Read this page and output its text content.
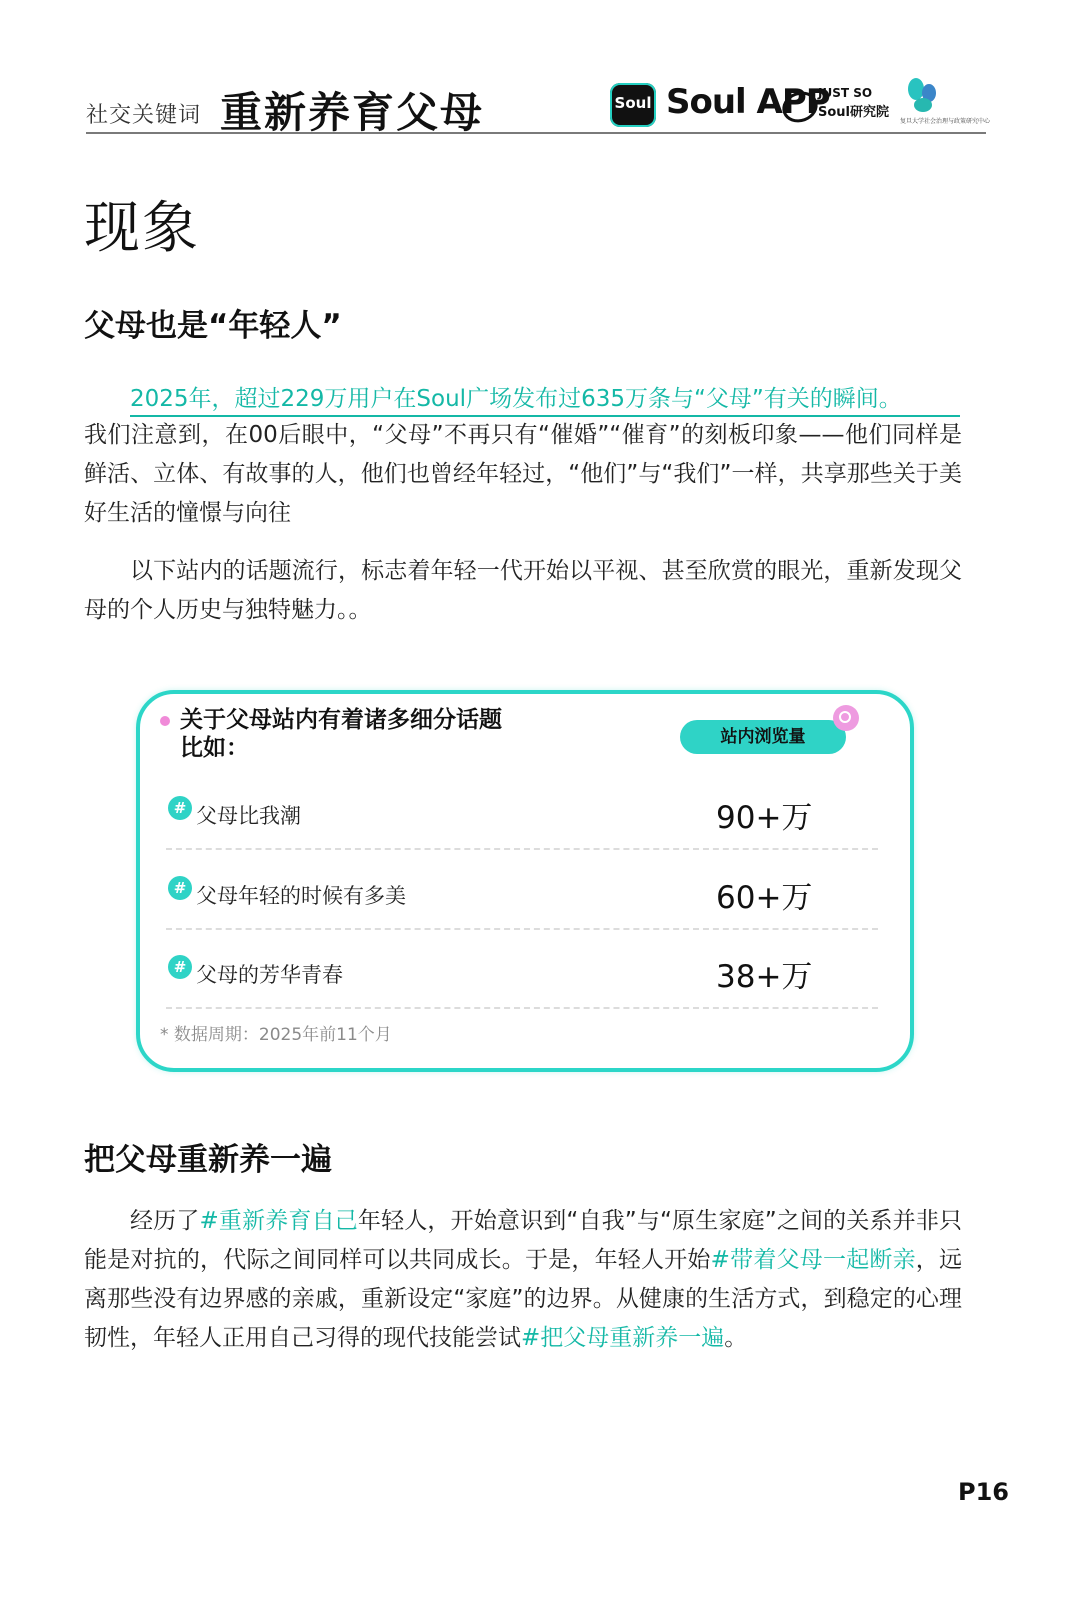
社交关键词 重新养育父母	Soul Soul APP
JUST SO
Soul研究院
复旦大学社会治理与政策研究中心
现象
父母也是“年轻人”
2025年，超过229万用户在Soul广场发布过635万条与“父母”有关的瞬间。
我们注意到，在00后眼中，“父母”不再只有“催婚”“催育”的刻板印象——他们同样是鲜活、立体、有故事的人，他们也曾经年轻过，“他们”与“我们”一样，共享那些关于美好生活的憧憬与向往
以下站内的话题流行，标志着年轻一代开始以平视、甚至欣赏的眼光，重新发现父母的个人历史与独特魅力。。
关于父母站内有着诸多细分话题
比如：	站内浏览量
# 父母比我潮	90+万
# 父母年轻的时候有多美	60+万
# 父母的芳华青春	38+万
* 数据周期：2025年前11个月
把父母重新养一遍
经历了#重新养育自己年轻人，开始意识到“自我”与“原生家庭”之间的关系并非只能是对抗的，代际之间同样可以共同成长。于是，年轻人开始#带着父母一起断亲，远离那些没有边界感的亲戚，重新设定“家庭”的边界。从健康的生活方式，到稳定的心理韧性，年轻人正用自己习得的现代技能尝试#把父母重新养一遍。
P16
